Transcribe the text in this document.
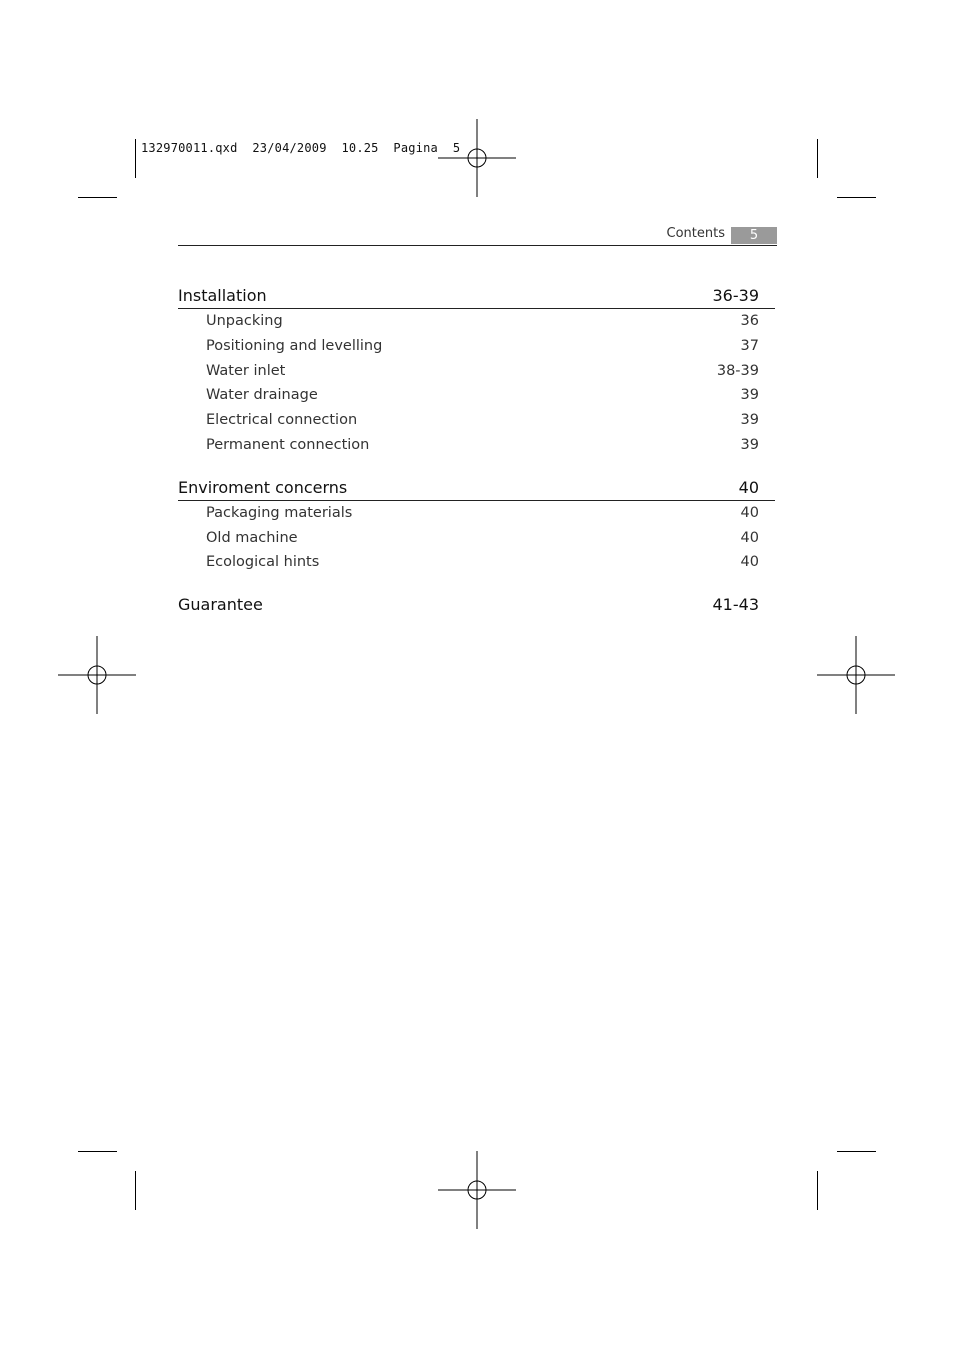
132970011.qxd  23/04/2009  10.25  Pagina  5
Contents	5
Installation	36-39
Unpacking	36
Positioning and levelling	37
Water inlet	38-39
Water drainage	39
Electrical connection	39
Permanent connection	39
Enviroment concerns	40
Packaging materials	40
Old machine	40
Ecological hints	40
Guarantee	41-43
